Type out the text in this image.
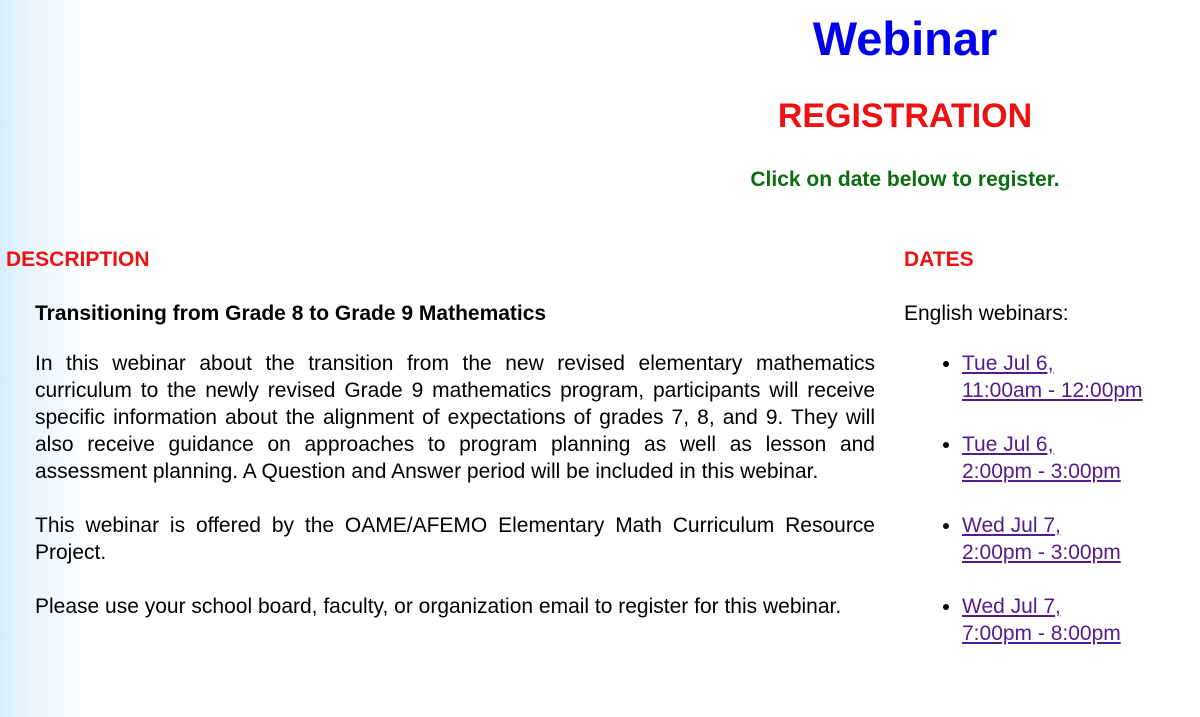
Webinar
REGISTRATION
Click on date below to register.
DESCRIPTION
Transitioning from Grade 8 to Grade 9 Mathematics

In this webinar about the transition from the new revised elementary mathematics curriculum to the newly revised Grade 9 mathematics program, participants will receive specific information about the alignment of expectations of grades 7, 8, and 9. They will also receive guidance on approaches to program planning as well as lesson and assessment planning. A Question and Answer period will be included in this webinar.

This webinar is offered by the OAME/AFEMO Elementary Math Curriculum Resource Project.

Please use your school board, faculty, or organization email to register for this webinar.

DATES
English webinars:
• Tue Jul 6,
11:00am - 12:00pm
• Tue Jul 6,
2:00pm - 3:00pm
• Wed Jul 7,
2:00pm - 3:00pm
• Wed Jul 7,
7:00pm - 8:00pm
